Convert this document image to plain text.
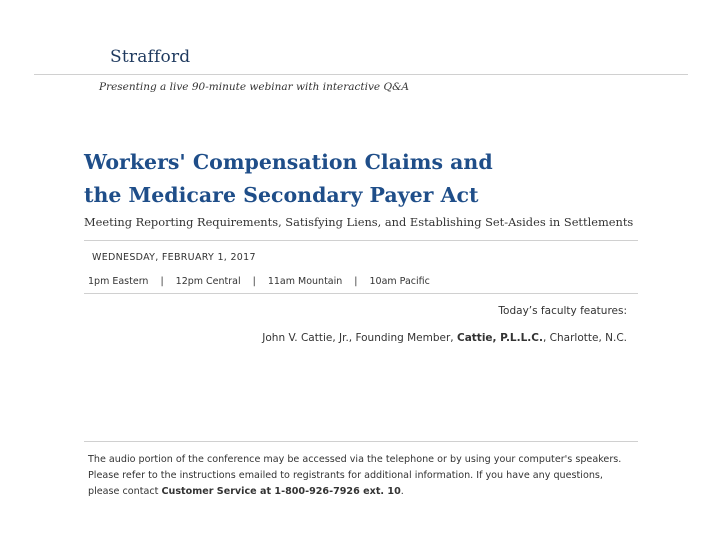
Strafford
Presenting a live 90-minute webinar with interactive Q&A
Workers' Compensation Claims and
the Medicare Secondary Payer Act
Meeting Reporting Requirements, Satisfying Liens, and Establishing Set-Asides in Settlements
WEDNESDAY, FEBRUARY 1, 2017
1pm Eastern | 12pm Central | 11am Mountain | 10am Pacific
Today’s faculty features:
John V. Cattie, Jr., Founding Member, Cattie, P.L.L.C., Charlotte, N.C.
The audio portion of the conference may be accessed via the telephone or by using your computer's speakers. Please refer to the instructions emailed to registrants for additional information. If you have any questions, please contact Customer Service at 1-800-926-7926 ext. 10.
